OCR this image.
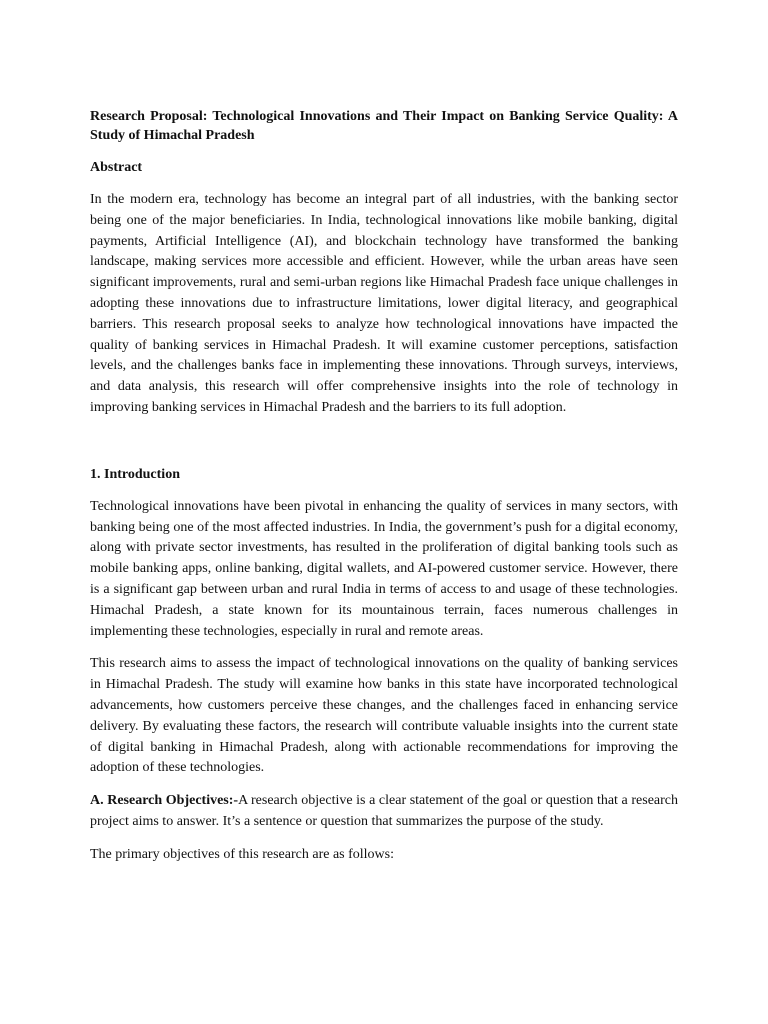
Research Proposal: Technological Innovations and Their Impact on Banking Service Quality: A Study of Himachal Pradesh

Abstract

In the modern era, technology has become an integral part of all industries, with the banking sector being one of the major beneficiaries. In India, technological innovations like mobile banking, digital payments, Artificial Intelligence (AI), and blockchain technology have transformed the banking landscape, making services more accessible and efficient. However, while the urban areas have seen significant improvements, rural and semi-urban regions like Himachal Pradesh face unique challenges in adopting these innovations due to infrastructure limitations, lower digital literacy, and geographical barriers. This research proposal seeks to analyze how technological innovations have impacted the quality of banking services in Himachal Pradesh. It will examine customer perceptions, satisfaction levels, and the challenges banks face in implementing these innovations. Through surveys, interviews, and data analysis, this research will offer comprehensive insights into the role of technology in improving banking services in Himachal Pradesh and the barriers to its full adoption.

1. Introduction

Technological innovations have been pivotal in enhancing the quality of services in many sectors, with banking being one of the most affected industries. In India, the government’s push for a digital economy, along with private sector investments, has resulted in the proliferation of digital banking tools such as mobile banking apps, online banking, digital wallets, and AI-powered customer service. However, there is a significant gap between urban and rural India in terms of access to and usage of these technologies. Himachal Pradesh, a state known for its mountainous terrain, faces numerous challenges in implementing these technologies, especially in rural and remote areas.

This research aims to assess the impact of technological innovations on the quality of banking services in Himachal Pradesh. The study will examine how banks in this state have incorporated technological advancements, how customers perceive these changes, and the challenges faced in enhancing service delivery. By evaluating these factors, the research will contribute valuable insights into the current state of digital banking in Himachal Pradesh, along with actionable recommendations for improving the adoption of these technologies.

A. Research Objectives:-A research objective is a clear statement of the goal or question that a research project aims to answer. It’s a sentence or question that summarizes the purpose of the study.

The primary objectives of this research are as follows:
